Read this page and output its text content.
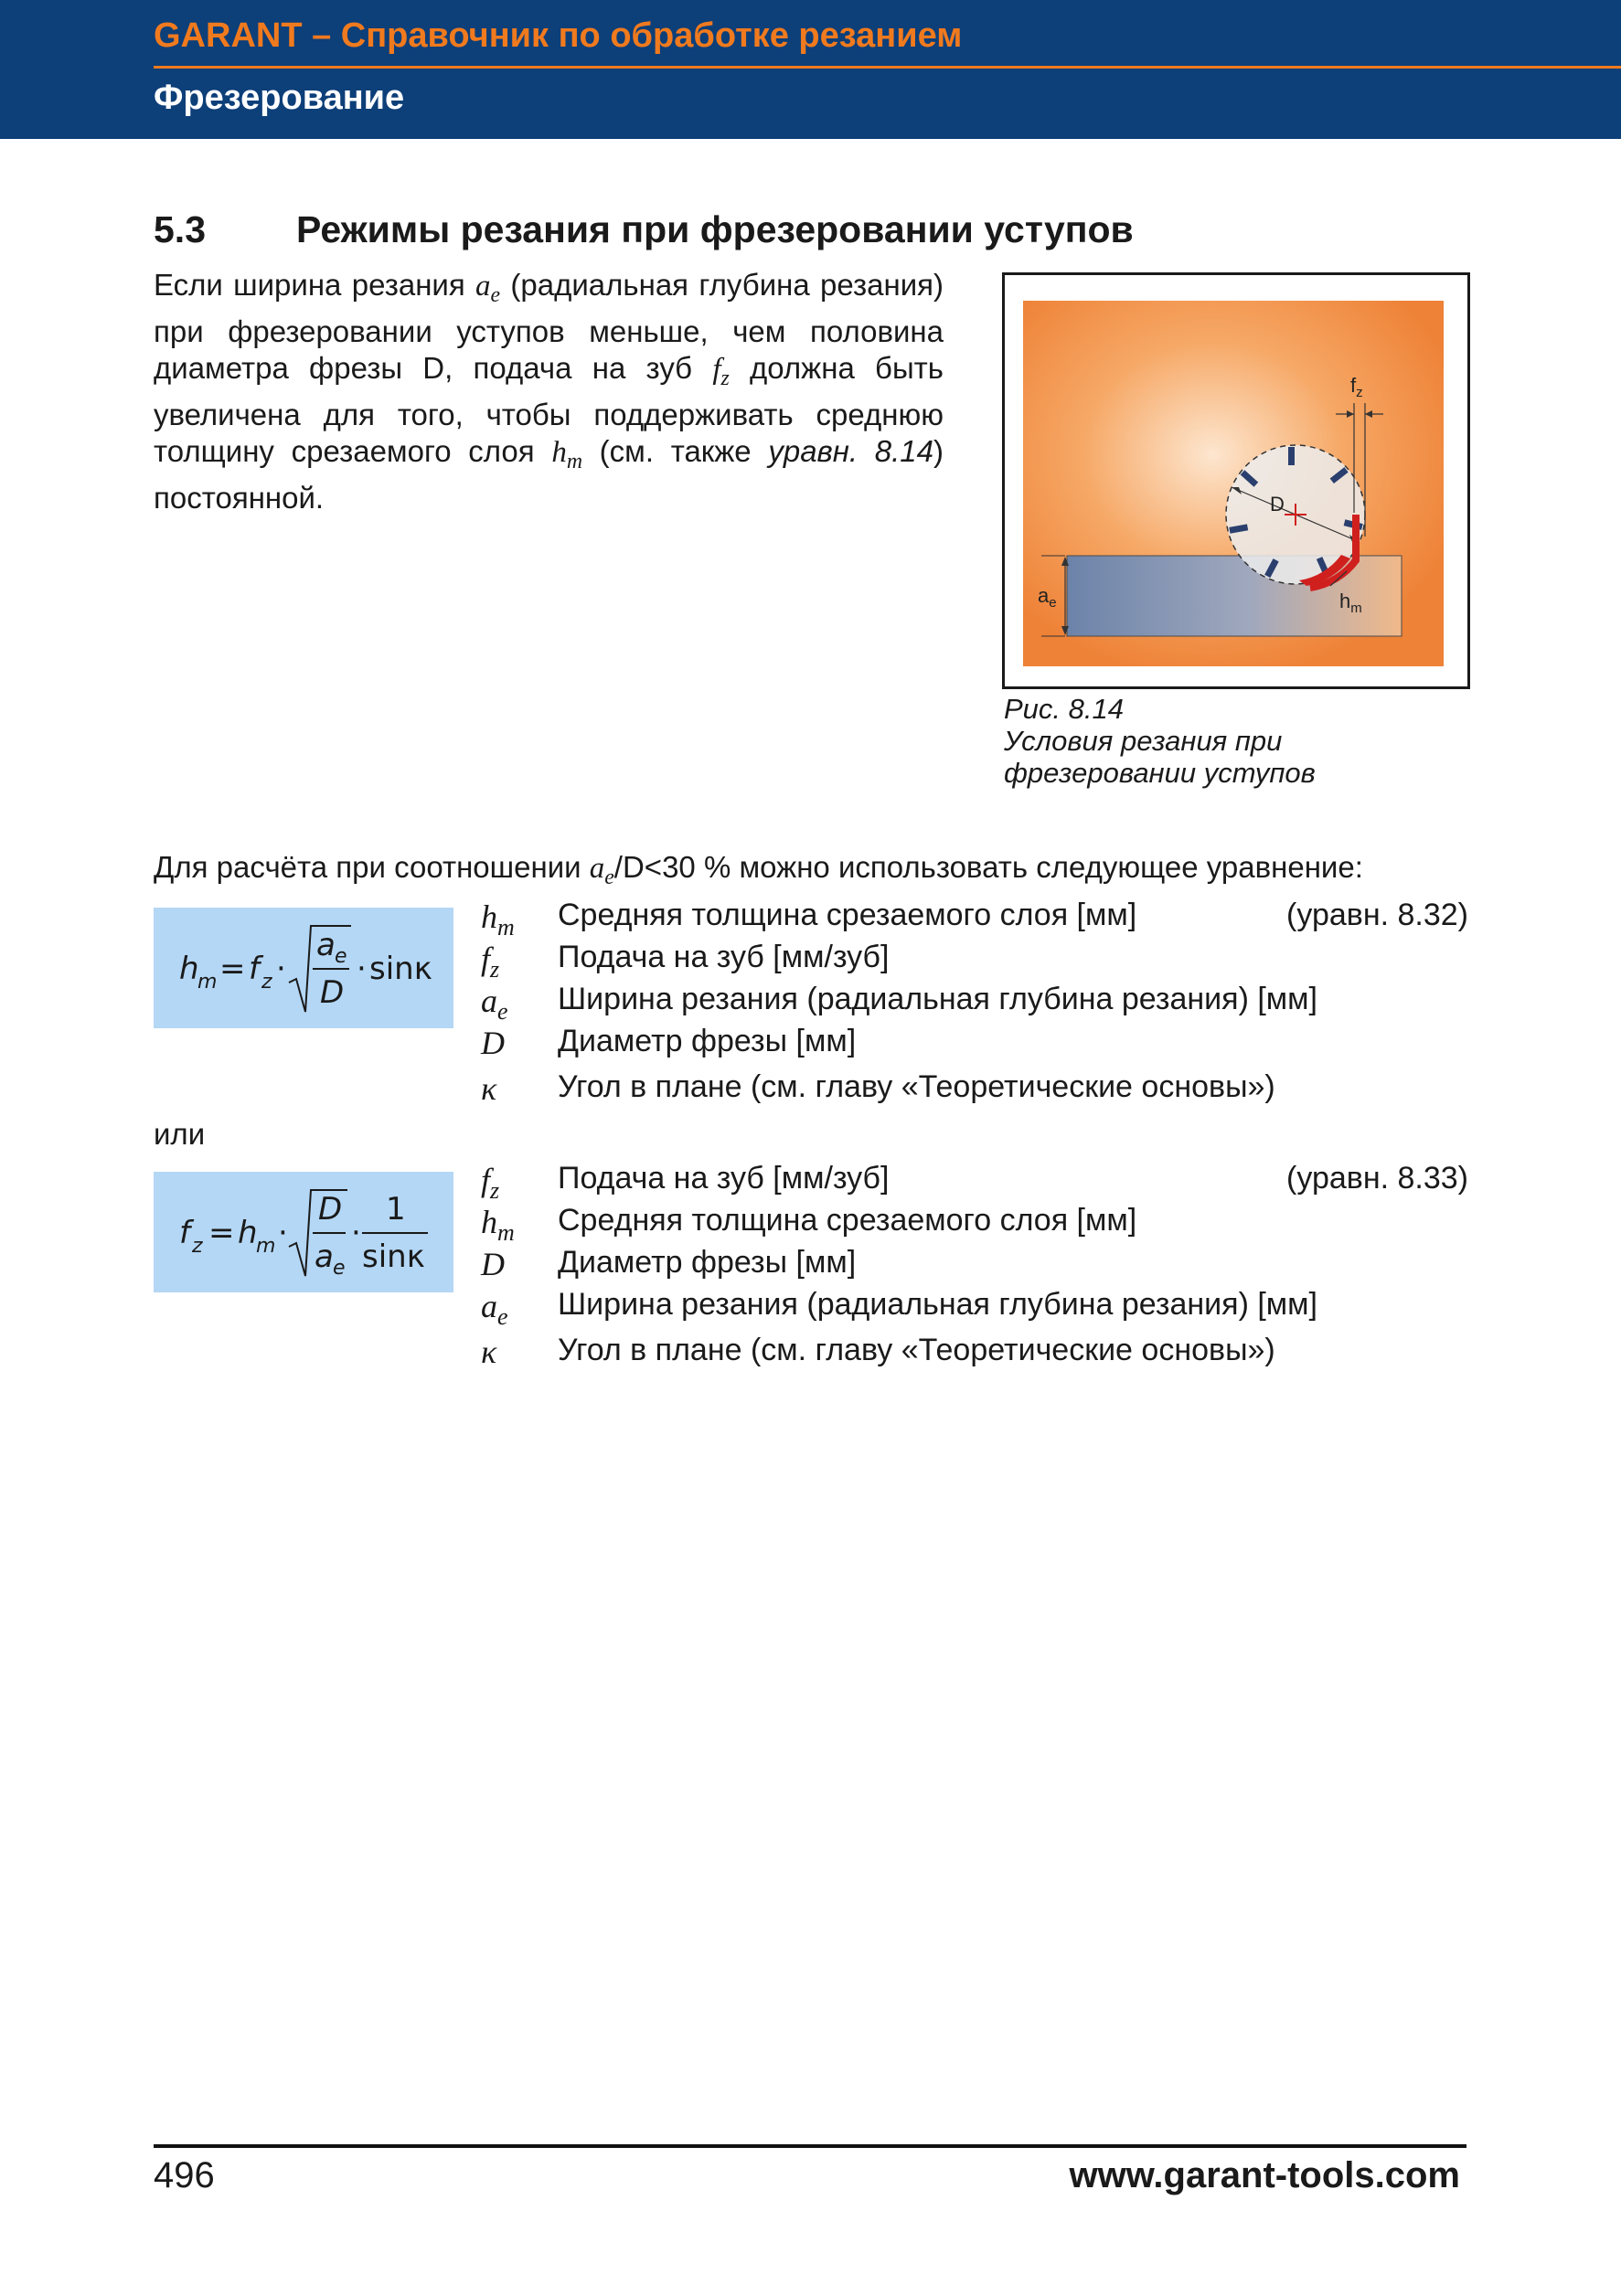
GARANT – Справочник по обработке резанием
Фрезерование
5.3 Режимы резания при фрезеровании уступов
Если ширина резания $a_e$ (радиальная глубина резания) при фрезеровании уступов меньше, чем половина диаметра фрезы D, подача на зуб $f_z$ должна быть увеличена для того, чтобы поддерживать среднюю толщину срезаемого слоя $h_m$ (см. также уравн. 8.14) постоянной.	D
$f_z$
$a_e$	$h_m$
Рис. 8.14
Условия резания при
фрезеровании уступов
Для расчёта при соотношении $a_e/D<30$ % можно использовать следующее уравнение:
h
m = f z ·
a e
D
· sinκ
$h_m$ Средняя толщина срезаемого слоя [мм]	(уравн. 8.32)
$f_z$ Подача на зуб [мм/зуб]
$a_e$ Ширина резания (радиальная глубина резания) [мм]
D Диаметр фрезы [мм]
κ Угол в плане (см. главу «Теоретические основы»)
или
f z = h
m ·
D
a e
·
1
sinκ
$f_z$ Подача на зуб [мм/зуб]	(уравн. 8.33)
$h_m$ Средняя толщина срезаемого слоя [мм]
D Диаметр фрезы [мм]
$a_e$ Ширина резания (радиальная глубина резания) [мм]
κ Угол в плане (см. главу «Теоретические основы»)
496	www.garant-tools.com
